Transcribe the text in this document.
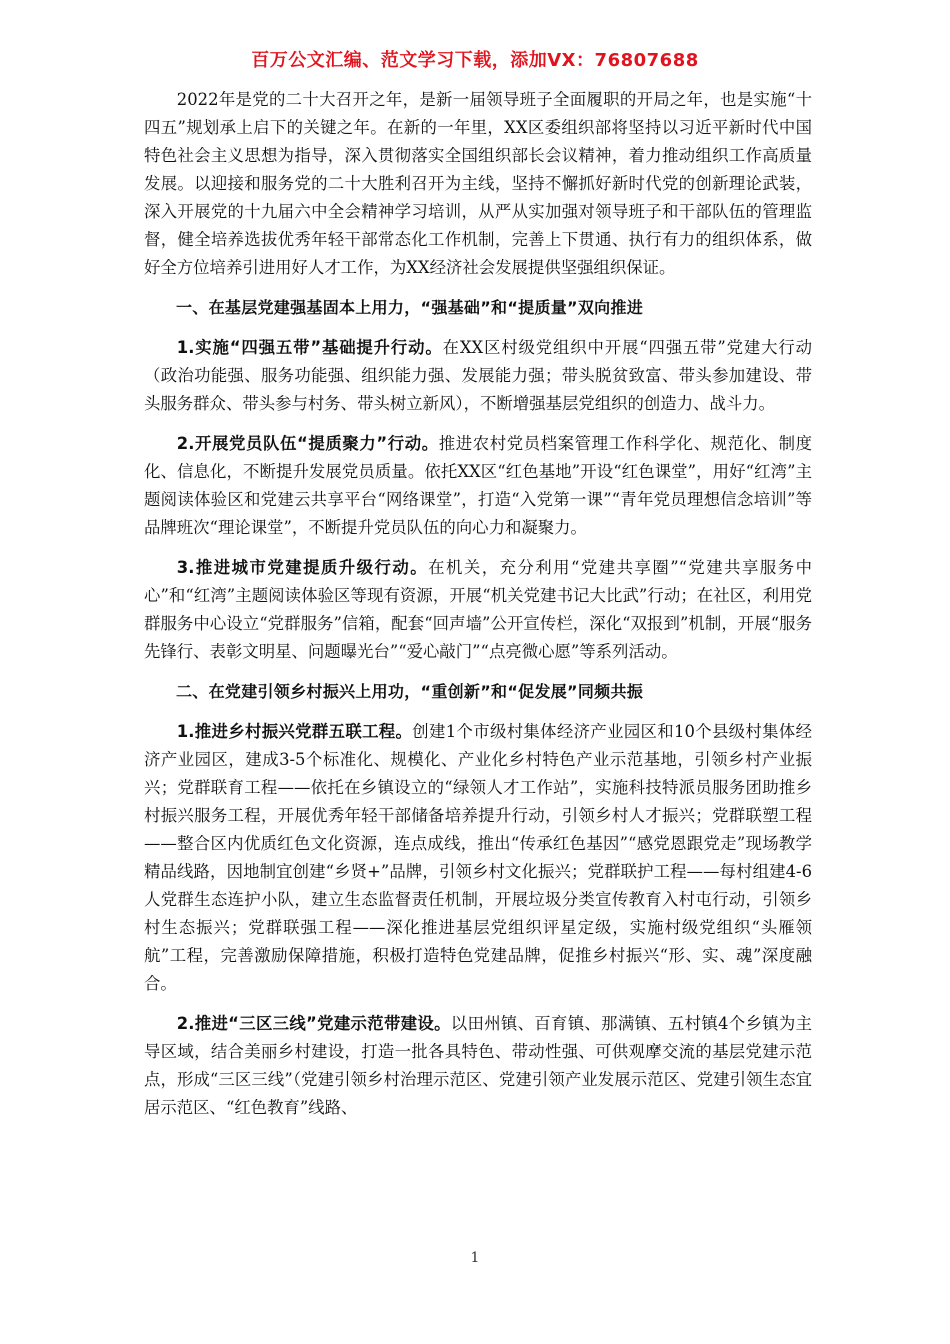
百万公文汇编、范文学习下载，添加VX：76807688

2022年是党的二十大召开之年，是新一届领导班子全面履职的开局之年，也是实施“十四五”规划承上启下的关键之年。在新的一年里，XX区委组织部将坚持以习近平新时代中国特色社会主义思想为指导，深入贯彻落实全国组织部长会议精神，着力推动组织工作高质量发展。以迎接和服务党的二十大胜利召开为主线，坚持不懈抓好新时代党的创新理论武装，深入开展党的十九届六中全会精神学习培训，从严从实加强对领导班子和干部队伍的管理监督，健全培养选拔优秀年轻干部常态化工作机制，完善上下贯通、执行有力的组织体系，做好全方位培养引进用好人才工作，为XX经济社会发展提供坚强组织保证。

一、在基层党建强基固本上用力，“强基础”和“提质量”双向推进

1.实施“四强五带”基础提升行动。在XX区村级党组织中开展“四强五带”党建大行动（政治功能强、服务功能强、组织能力强、发展能力强；带头脱贫致富、带头参加建设、带头服务群众、带头参与村务、带头树立新风），不断增强基层党组织的创造力、战斗力。

2.开展党员队伍“提质聚力”行动。推进农村党员档案管理工作科学化、规范化、制度化、信息化，不断提升发展党员质量。依托XX区“红色基地”开设“红色课堂”，用好“红湾”主题阅读体验区和党建云共享平台“网络课堂”，打造“入党第一课”“青年党员理想信念培训”等品牌班次“理论课堂”，不断提升党员队伍的向心力和凝聚力。

3.推进城市党建提质升级行动。在机关，充分利用“党建共享圈”“党建共享服务中心”和“红湾”主题阅读体验区等现有资源，开展“机关党建书记大比武”行动；在社区，利用党群服务中心设立“党群服务”信箱，配套“回声墙”公开宣传栏，深化“双报到”机制，开展“服务先锋行、表彰文明星、问题曝光台”“爱心敲门”“点亮微心愿”等系列活动。

二、在党建引领乡村振兴上用功，“重创新”和“促发展”同频共振

1.推进乡村振兴党群五联工程。创建1个市级村集体经济产业园区和10个县级村集体经济产业园区，建成3-5个标准化、规模化、产业化乡村特色产业示范基地，引领乡村产业振兴；党群联育工程——依托在乡镇设立的“绿领人才工作站”，实施科技特派员服务团助推乡村振兴服务工程，开展优秀年轻干部储备培养提升行动，引领乡村人才振兴；党群联塑工程——整合区内优质红色文化资源，连点成线，推出“传承红色基因”“感党恩跟党走”现场教学精品线路，因地制宜创建“乡贤+”品牌，引领乡村文化振兴；党群联护工程——每村组建4-6人党群生态连护小队，建立生态监督责任机制，开展垃圾分类宣传教育入村屯行动，引领乡村生态振兴；党群联强工程——深化推进基层党组织评星定级，实施村级党组织“头雁领航”工程，完善激励保障措施，积极打造特色党建品牌，促推乡村振兴“形、实、魂”深度融合。

2.推进“三区三线”党建示范带建设。以田州镇、百育镇、那满镇、五村镇4个乡镇为主导区域，结合美丽乡村建设，打造一批各具特色、带动性强、可供观摩交流的基层党建示范点，形成“三区三线”（党建引领乡村治理示范区、党建引领产业发展示范区、党建引领生态宜居示范区、“红色教育”线路、

1
